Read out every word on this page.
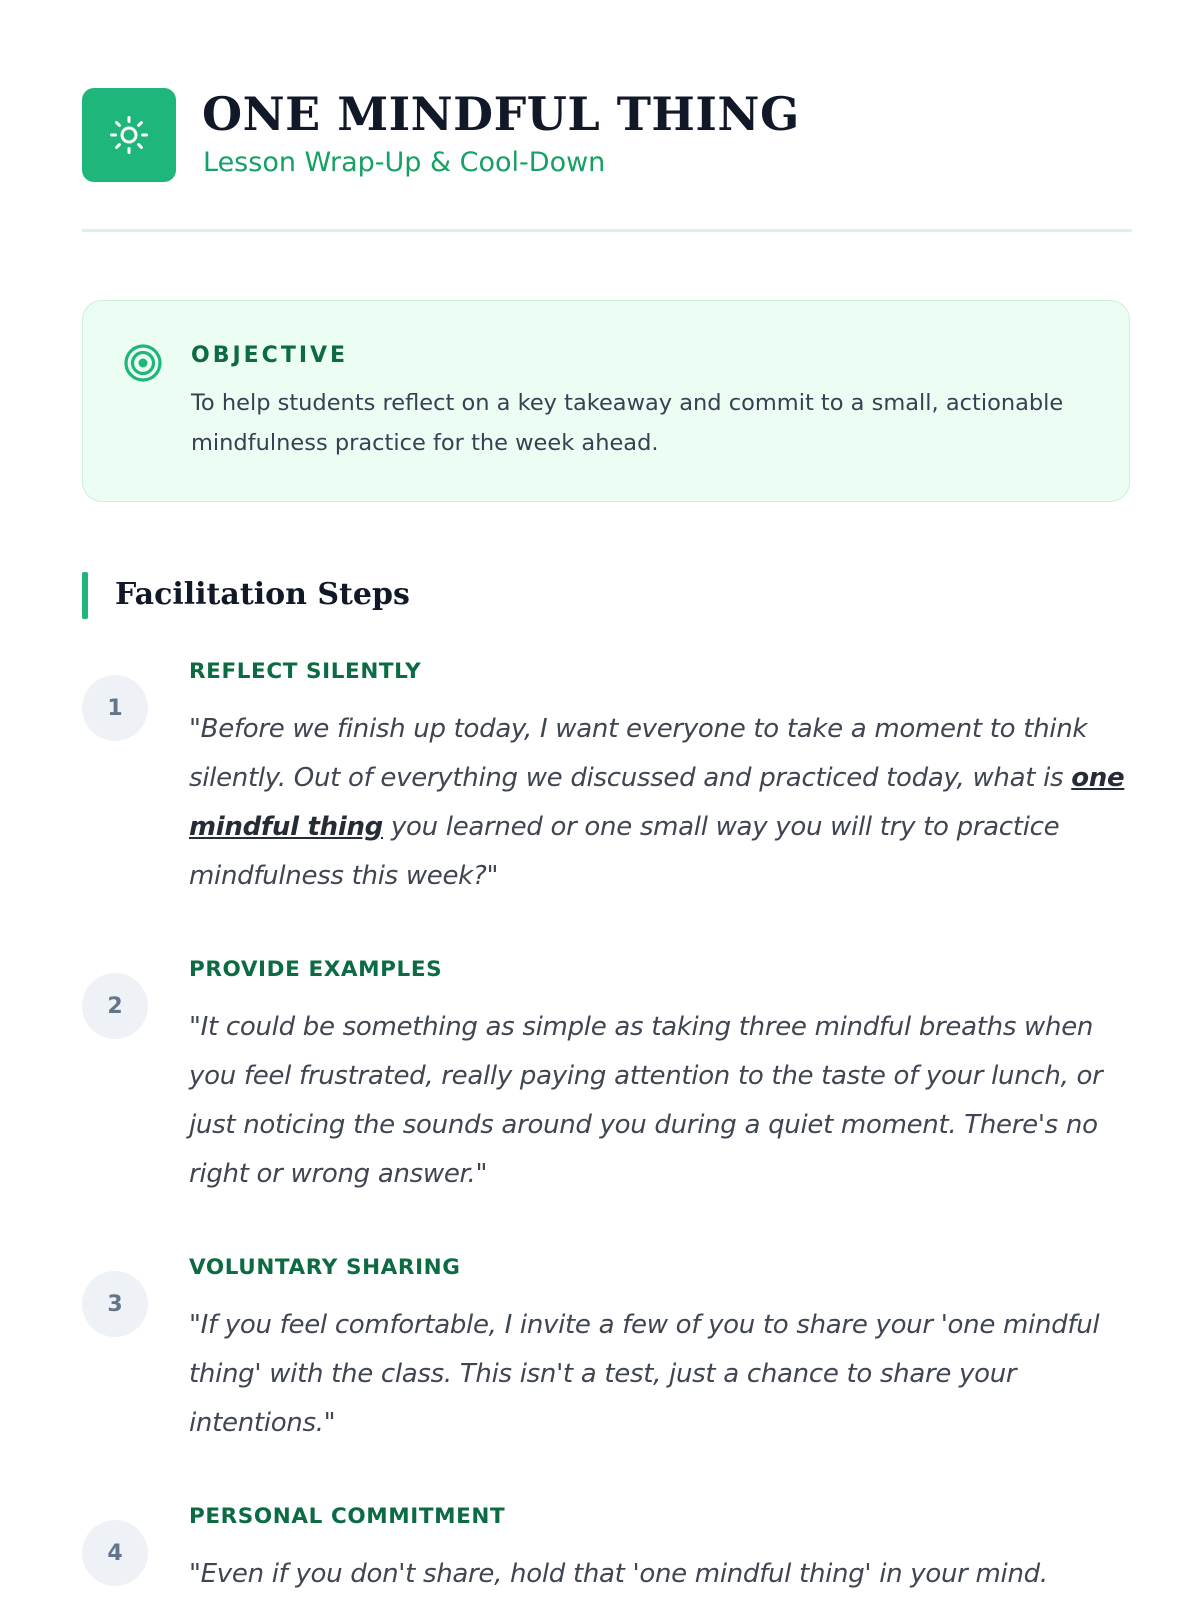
ONE MINDFUL THING

Lesson Wrap-Up & Cool-Down

OBJECTIVE
To help students reflect on a key takeaway and commit to a small, actionable mindfulness practice for the week ahead.
Facilitation Steps
1
REFLECT SILENTLY

"Before we finish up today, I want everyone to take a moment to think silently. Out of everything we discussed and practiced today, what is one mindful thing you learned or one small way you will try to practice mindfulness this week?"

2
PROVIDE EXAMPLES

"It could be something as simple as taking three mindful breaths when you feel frustrated, really paying attention to the taste of your lunch, or just noticing the sounds around you during a quiet moment. There's no right or wrong answer."

3
VOLUNTARY SHARING

"If you feel comfortable, I invite a few of you to share your 'one mindful thing' with the class. This isn't a test, just a chance to share your intentions."

4
PERSONAL COMMITMENT

"Even if you don't share, hold that 'one mindful thing' in your mind.
